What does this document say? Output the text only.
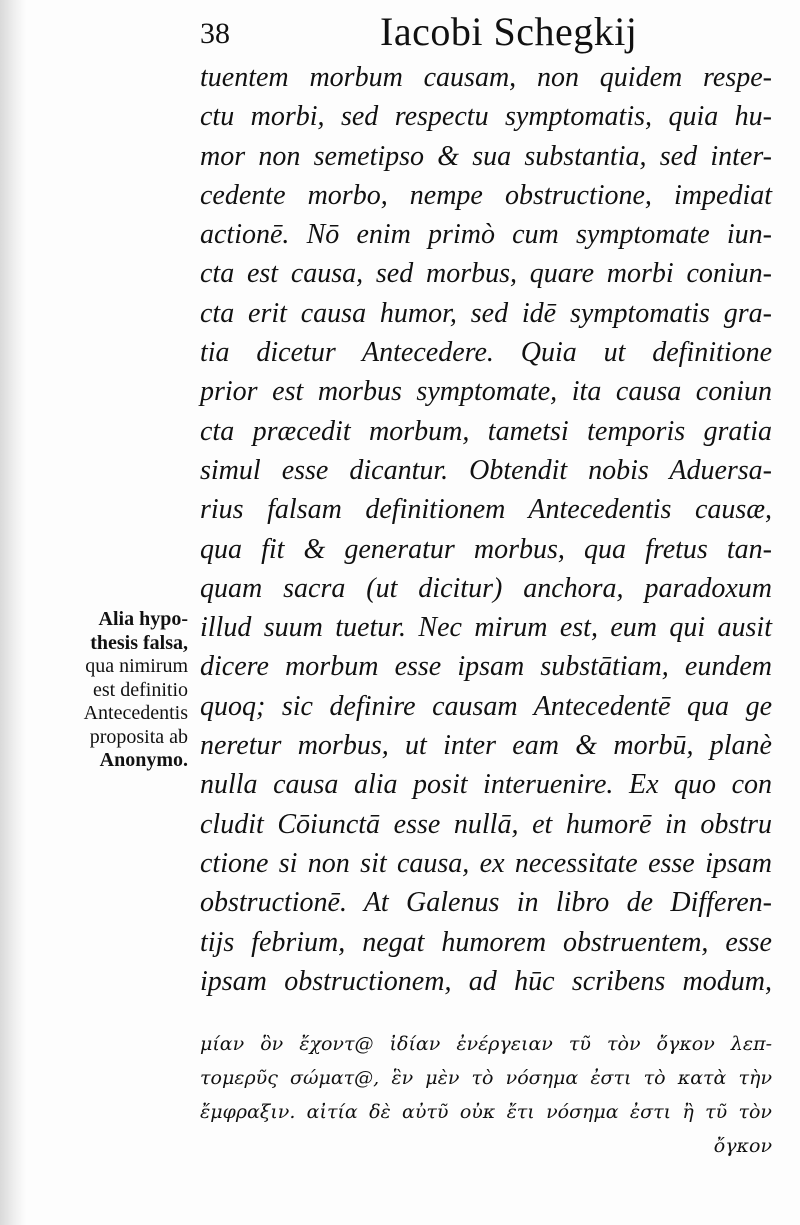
38	Iacobi Schegkij
tuentem morbum causam, non quidem respe-
ctu morbi, sed respectu symptomatis, quia hu-
mor non semetipso & sua substantia, sed inter-
cedente morbo, nempe obstructione, impediat
actionē. Nō enim primò cum symptomate iun-
cta est causa, sed morbus, quare morbi coniun-
cta erit causa humor, sed idē symptomatis gra-
tia dicetur Antecedere. Quia ut definitione
prior est morbus symptomate, ita causa coniun
cta præcedit morbum, tametsi temporis gratia
simul esse dicantur. Obtendit nobis Aduersa-
rius falsam definitionem Antecedentis causæ,
qua fit & generatur morbus, qua fretus tan-
quam sacra (ut dicitur) anchora, paradoxum
illud suum tuetur. Nec mirum est, eum qui ausit
dicere morbum esse ipsam substātiam, eundem
quoq; sic definire causam Antecedentē qua ge
neretur morbus, ut inter eam & morbū, planè
nulla causa alia posit interuenire. Ex quo con
cludit Cōiunctā esse nullā, et humorē in obstru
ctione si non sit causa, ex necessitate esse ipsam
obstructionē. At Galenus in libro de Differen-
tijs febrium, negat humorem obstruentem, esse
ipsam obstructionem, ad hūc scribens modum,
μίαν ὃν ἔχοντ@ ἰδίαν ἐνέργειαν τῦ τὸν ὄγκον λεπ-
τομερῦς σώματ@, ἓν μὲν τὸ νόσημα ἐστι τὸ κατὰ τὴν
ἔμφραξιν. αἰτία δὲ αὐτῦ οὐκ ἔτι νόσημα ἐστι ἢ τῦ τὸν
ὄγκον
Alia hypo-
thesis falsa,
qua nimirum
est definitio
Antecedentis
proposita ab
Anonymo.
